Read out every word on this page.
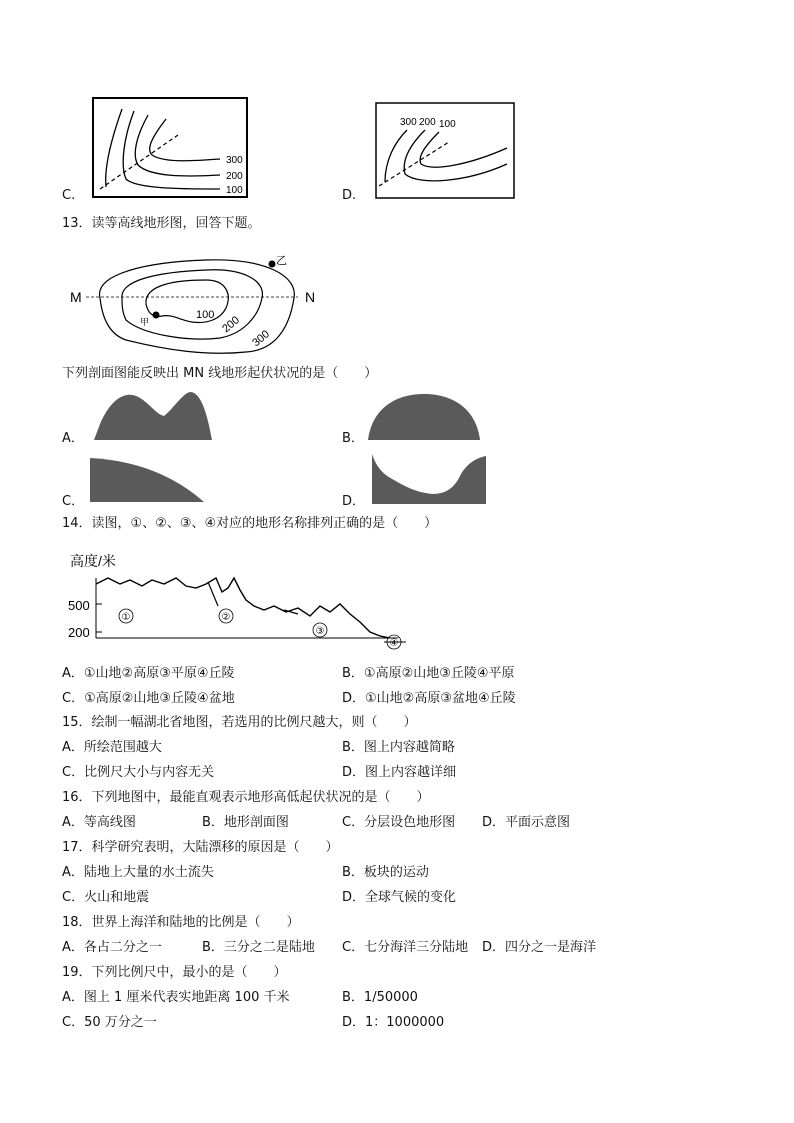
C.
300
200
100	D.
300 200 100
13．读等高线地形图，回答下题。
M	N
甲
乙
100 200
300
下列剖面图能反映出 MN 线地形起伏状况的是（　　）
A．	B．
C．	D．
14．读图，①、②、③、④对应的地形名称排列正确的是（　　）
高度/米
500
200
①	②
③
④
A．①山地②高原③平原④丘陵	B．①高原②山地③丘陵④平原
C．①高原②山地③丘陵④盆地	D．①山地②高原③盆地④丘陵
15．绘制一幅湖北省地图，若选用的比例尺越大，则（　　）
A．所绘范围越大	B．图上内容越简略
C．比例尺大小与内容无关	D．图上内容越详细
16．下列地图中，最能直观表示地形高低起伏状况的是（　　）
A．等高线图	B．地形剖面图	C．分层设色地形图 D．平面示意图
17．科学研究表明，大陆漂移的原因是（　　）
A．陆地上大量的水土流失	B．板块的运动
C．火山和地震	D．全球气候的变化
18．世界上海洋和陆地的比例是（　　）
A．各占二分之一	B．三分之二是陆地 C．七分海洋三分陆地 D．四分之一是海洋
19．下列比例尺中，最小的是（　　）
A．图上 1 厘米代表实地距离 100 千米	B．1/50000
C．50 万分之一	D．1：1000000
